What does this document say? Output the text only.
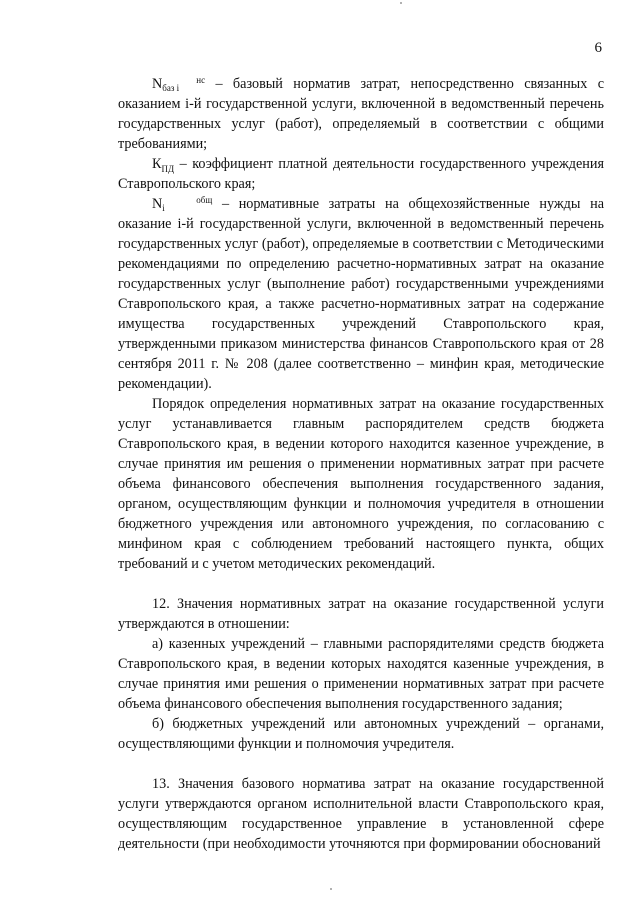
6

N	нс
баз i – базовый норматив затрат, непосредственно связанных с оказанием i-й государственной услуги, включенной в ведомственный перечень государственных услуг (работ), определяемый в соответствии с общими требованиями;

$К_{ПД}$ – коэффициент платной деятельности государственного учреждения Ставропольского края;

N	общ
i	– нормативные затраты на общехозяйственные нужды на оказание i-й государственной услуги, включенной в ведомственный перечень государственных услуг (работ), определяемые в соответствии с Методическими рекомендациями по определению расчетно-нормативных затрат на оказание государственных услуг (выполнение работ) государственными учреждениями Ставропольского края, а также расчетно-нормативных затрат на содержание имущества государственных учреждений Ставропольского края, утвержденными приказом министерства финансов Ставропольского края от 28 сентября 2011 г. № 208 (далее соответственно – минфин края, методические рекомендации).

Порядок определения нормативных затрат на оказание государственных услуг устанавливается главным распорядителем средств бюджета Ставропольского края, в ведении которого находится казенное учреждение, в случае принятия им решения о применении нормативных затрат при расчете объема финансового обеспечения выполнения государственного задания, органом, осуществляющим функции и полномочия учредителя в отношении бюджетного учреждения или автономного учреждения, по согласованию с минфином края с соблюдением требований настоящего пункта, общих требований и с учетом методических рекомендаций.

12. Значения нормативных затрат на оказание государственной услуги утверждаются в отношении:

а) казенных учреждений – главными распорядителями средств бюджета Ставропольского края, в ведении которых находятся казенные учреждения, в случае принятия ими решения о применении нормативных затрат при расчете объема финансового обеспечения выполнения государственного задания;

б) бюджетных учреждений или автономных учреждений – органами, осуществляющими функции и полномочия учредителя.

13. Значения базового норматива затрат на оказание государственной услуги утверждаются органом исполнительной власти Ставропольского края, осуществляющим государственное управление в установленной сфере деятельности (при необходимости уточняются при формировании обоснований
